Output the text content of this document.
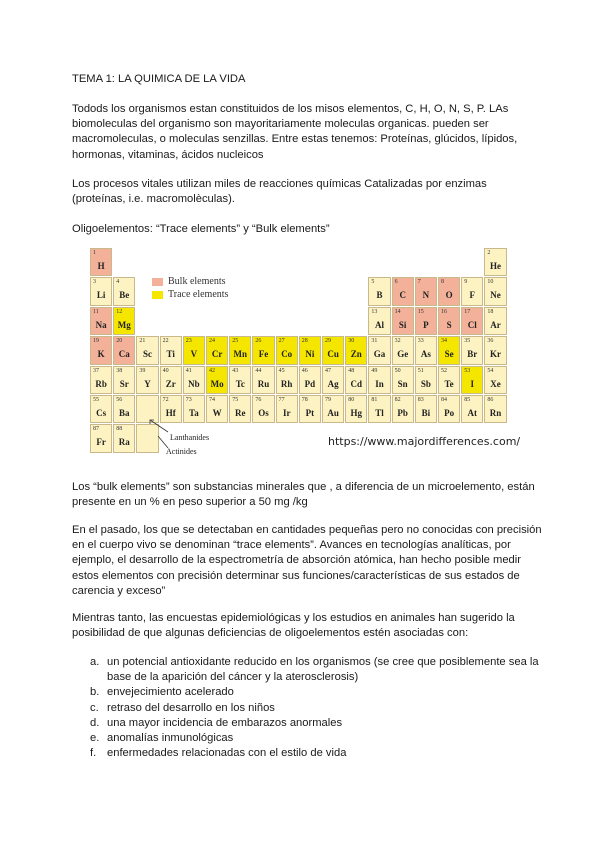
TEMA 1: LA QUIMICA DE LA VIDA

Todods los organismos estan constituidos de los misos elementos, C, H, O, N, S, P. LAs biomoleculas del organismo son mayoritariamente moleculas organicas. pueden ser macromoleculas, o moleculas senzillas. Entre estas tenemos: Proteínas, glúcidos, lípidos, hormonas, vitaminas, ácidos nucleicos

Los procesos vitales utilizan miles de reacciones químicas Catalizadas por enzimas (proteínas, i.e. macromolèculas).

Oligoelementos: “Trace elements” y “Bulk elements”

1
H
2
He
3
Li
4
Be
5
B
6
C
7
N
8
O
9
F
10
Ne
11
Na
12
Mg
13
Al
14
Si
15
P
16
S
17
Cl
18
Ar
19
K
20
Ca
21
Sc
22
Ti
23
V
24
Cr
25
Mn
26
Fe
27
Co
28
Ni
29
Cu
30
Zn
31
Ga
32
Ge
33
As
34
Se
35
Br
36
Kr
37
Rb
38
Sr
39
Y
40
Zr
41
Nb
42
Mo
43
Tc
44
Ru
45
Rh
46
Pd
47
Ag
48
Cd
49
In
50
Sn
51
Sb
52
Te
53
I
54
Xe
55
Cs
56
Ba
72
Hf
73
Ta
74
W
75
Re
76
Os
77
Ir
78
Pt
79
Au
80
Hg
81
Tl
82
Pb
83
Bi
84
Po
85
At
86
Rn
87
Fr
88
Ra
Bulk elements
Trace elements
Lanthanides
Actinides
https://www.majordifferences.com/

Los “bulk elements” son substancias minerales que , a diferencia de un microelemento, están presente en un % en peso superior a 50 mg /kg

En el pasado, los que se detectaban en cantidades pequeñas pero no conocidas con precisión en el cuerpo vivo se denominan “trace elements”. Avances en tecnologías analíticas, por ejemplo, el desarrollo de la espectrometría de absorción atómica, han hecho posible medir estos elementos con precisión determinar sus funciones/características de sus estados de carencia y exceso”

Mientras tanto, las encuestas epidemiológicas y los estudios en animales han sugerido la posibilidad de que algunas deficiencias de oligoelementos estén asociadas con:

a. un potencial antioxidante reducido en los organismos (se cree que posiblemente sea la base de la aparición del cáncer y la aterosclerosis)
b. envejecimiento acelerado
c. retraso del desarrollo en los niños
d. una mayor incidencia de embarazos anormales
e. anomalías inmunológicas
f. enfermedades relacionadas con el estilo de vida
